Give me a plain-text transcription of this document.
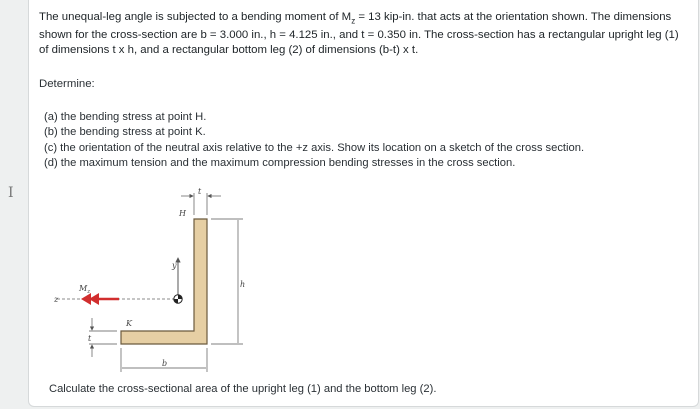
I
The unequal-leg angle is subjected to a bending moment of $M_z = 13$ kip-in. that acts at the orientation shown. The dimensions shown for the cross-section are b = 3.000 in., h = 4.125 in., and t = 0.350 in. The cross-section has a rectangular upright leg (1) of dimensions t x h, and a rectangular bottom leg (2) of dimensions (b-t) x t.
Determine:
(a) the bending stress at point H.
(b) the bending stress at point K.
(c) the orientation of the neutral axis relative to the +z axis. Show its location on a sketch of the cross section.
(d) the maximum tension and the maximum compression bending stresses in the cross section.
y
z
$M_z$
H
K
t
h
b
t
Calculate the cross-sectional area of the upright leg (1) and the bottom leg (2).
